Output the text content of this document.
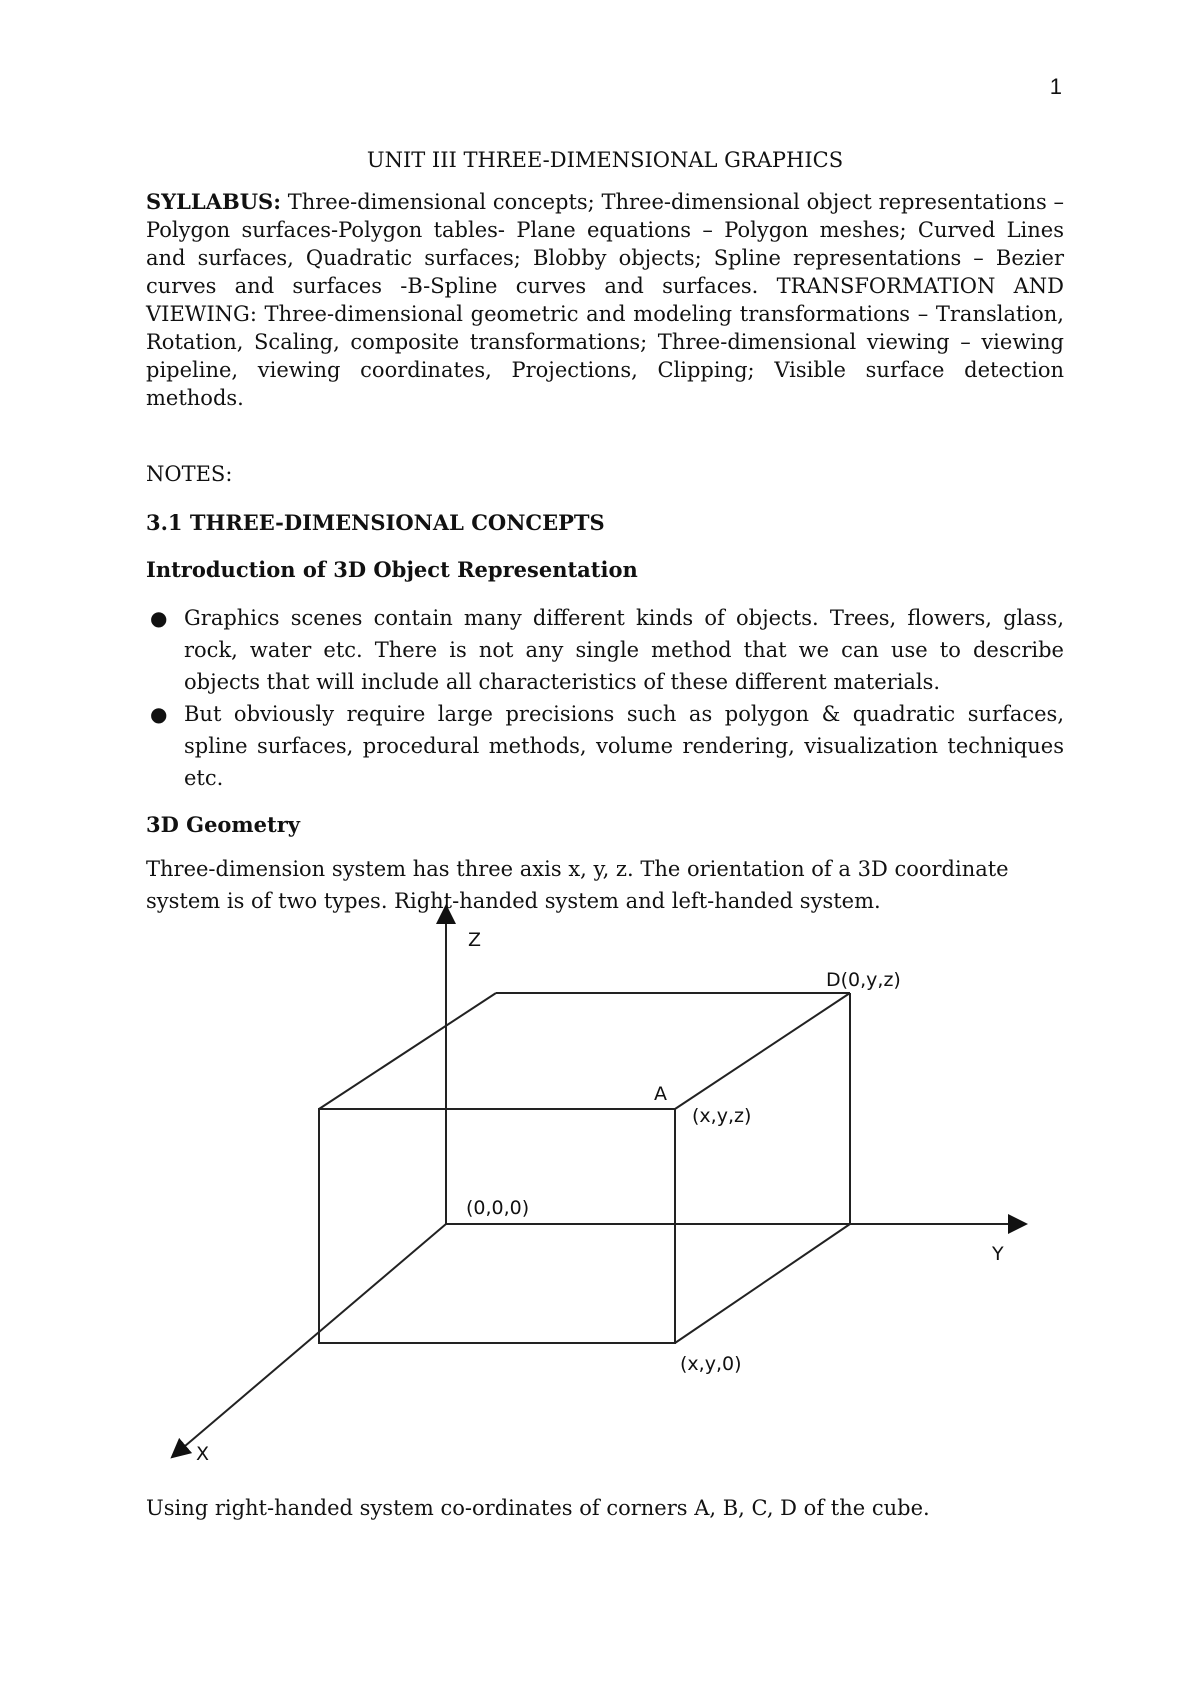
1

UNIT III THREE-DIMENSIONAL GRAPHICS

SYLLABUS: Three-dimensional concepts; Three-dimensional object representations – Polygon surfaces-Polygon tables- Plane equations – Polygon meshes; Curved Lines and surfaces, Quadratic surfaces; Blobby objects; Spline representations – Bezier curves and surfaces -B-Spline curves and surfaces. TRANSFORMATION AND VIEWING: Three-dimensional geometric and modeling transformations – Translation, Rotation, Scaling, composite transformations; Three-dimensional viewing – viewing pipeline, viewing coordinates, Projections, Clipping; Visible surface detection methods.

NOTES:

3.1 THREE-DIMENSIONAL CONCEPTS

Introduction of 3D Object Representation

● Graphics scenes contain many different kinds of objects. Trees, flowers, glass, rock, water etc. There is not any single method that we can use to describe objects that will include all characteristics of these different materials.
● But obviously require large precisions such as polygon & quadratic surfaces, spline surfaces, procedural methods, volume rendering, visualization techniques etc.

3D Geometry

Three-dimension system has three axis x, y, z. The orientation of a 3D coordinate system is of two types. Right-handed system and left-handed system.

Z
Y
X
D(0,y,z)
A
(x,y,z)
(0,0,0)
(x,y,0)

Using right-handed system co-ordinates of corners A, B, C, D of the cube.
